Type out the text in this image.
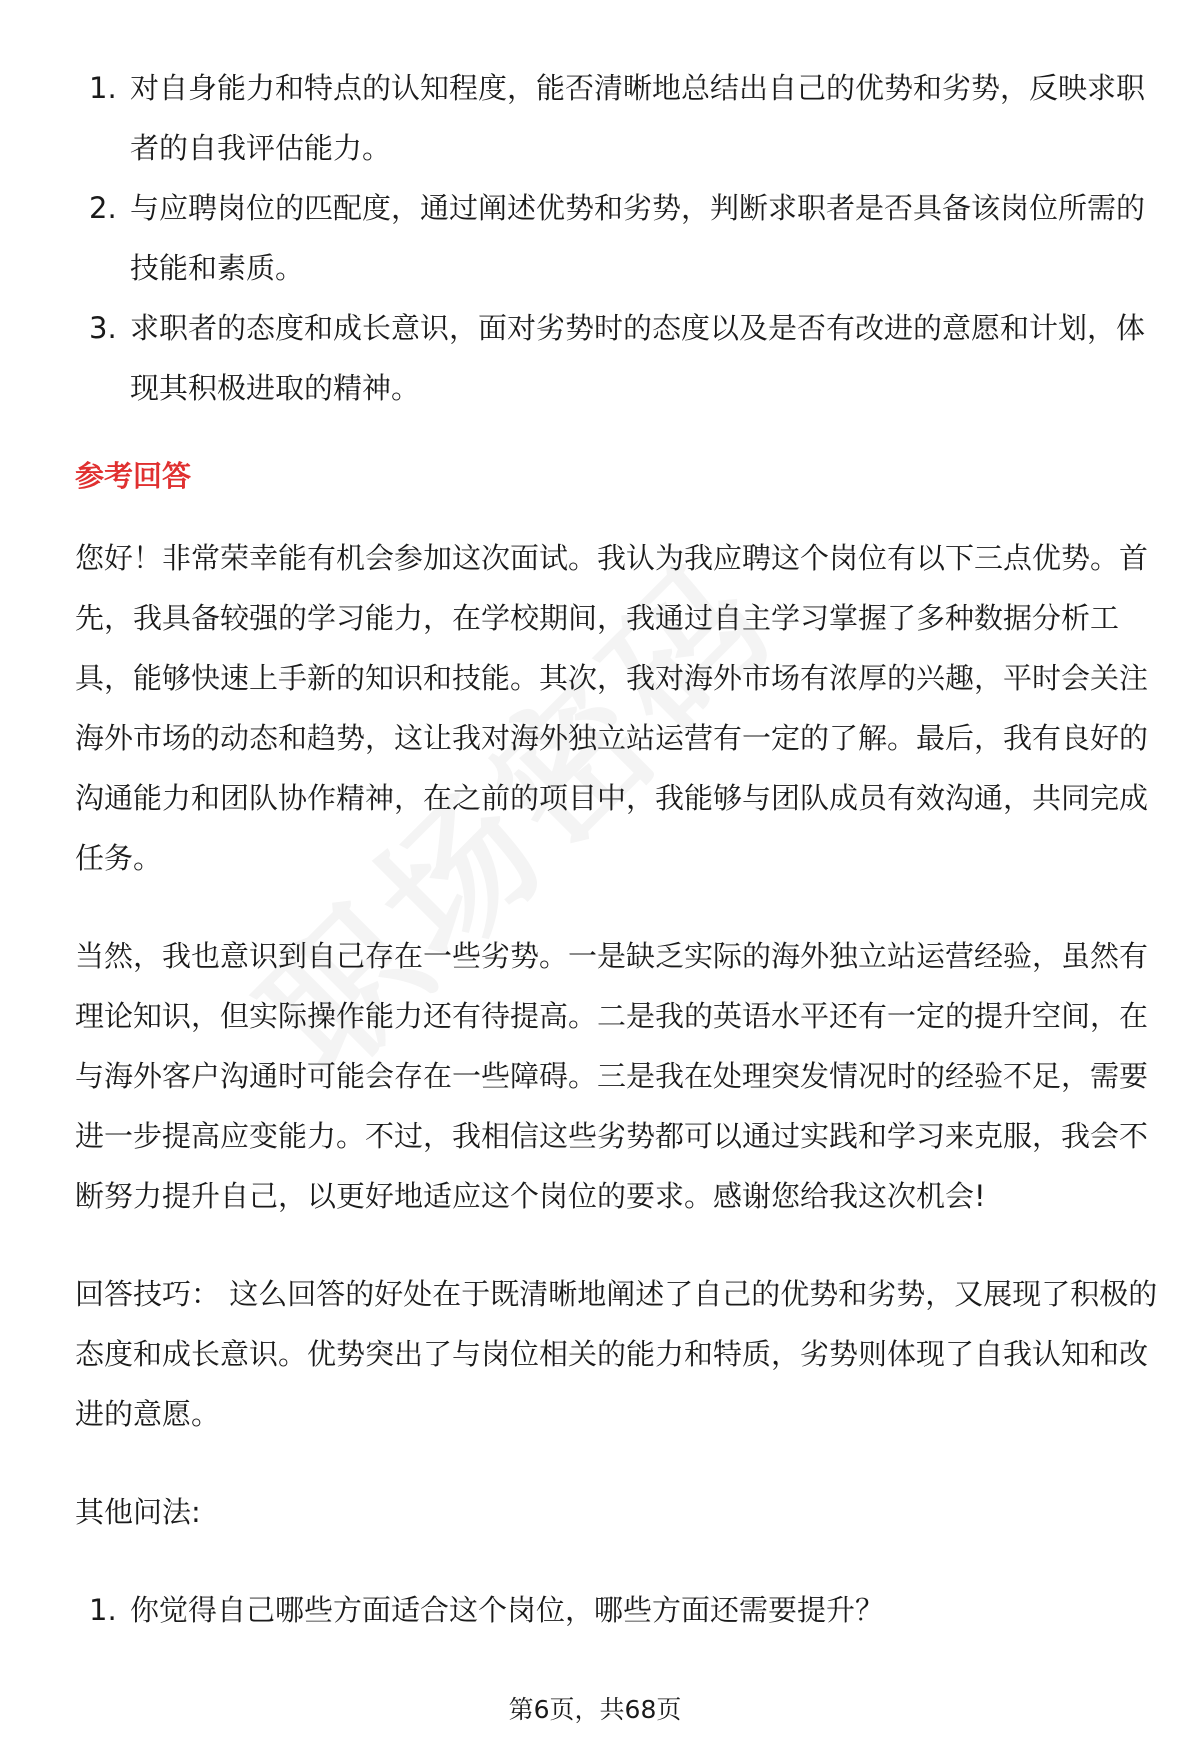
1. 对自身能力和特点的认知程度，能否清晰地总结出自己的优势和劣势，反映求职者的自我评估能力。
2. 与应聘岗位的匹配度，通过阐述优势和劣势，判断求职者是否具备该岗位所需的技能和素质。
3. 求职者的态度和成长意识，面对劣势时的态度以及是否有改进的意愿和计划，体现其积极进取的精神。
参考回答

您好！非常荣幸能有机会参加这次面试。我认为我应聘这个岗位有以下三点优势。首先，我具备较强的学习能力，在学校期间，我通过自主学习掌握了多种数据分析工具，能够快速上手新的知识和技能。其次，我对海外市场有浓厚的兴趣，平时会关注海外市场的动态和趋势，这让我对海外独立站运营有一定的了解。最后，我有良好的沟通能力和团队协作精神，在之前的项目中，我能够与团队成员有效沟通，共同完成任务。

当然，我也意识到自己存在一些劣势。一是缺乏实际的海外独立站运营经验，虽然有理论知识，但实际操作能力还有待提高。二是我的英语水平还有一定的提升空间，在与海外客户沟通时可能会存在一些障碍。三是我在处理突发情况时的经验不足，需要进一步提高应变能力。不过，我相信这些劣势都可以通过实践和学习来克服，我会不断努力提升自己，以更好地适应这个岗位的要求。感谢您给我这次机会!

回答技巧： 这么回答的好处在于既清晰地阐述了自己的优势和劣势，又展现了积极的态度和成长意识。优势突出了与岗位相关的能力和特质，劣势则体现了自我认知和改进的意愿。

其他问法:

1. 你觉得自己哪些方面适合这个岗位，哪些方面还需要提升？
第6页，共68页
